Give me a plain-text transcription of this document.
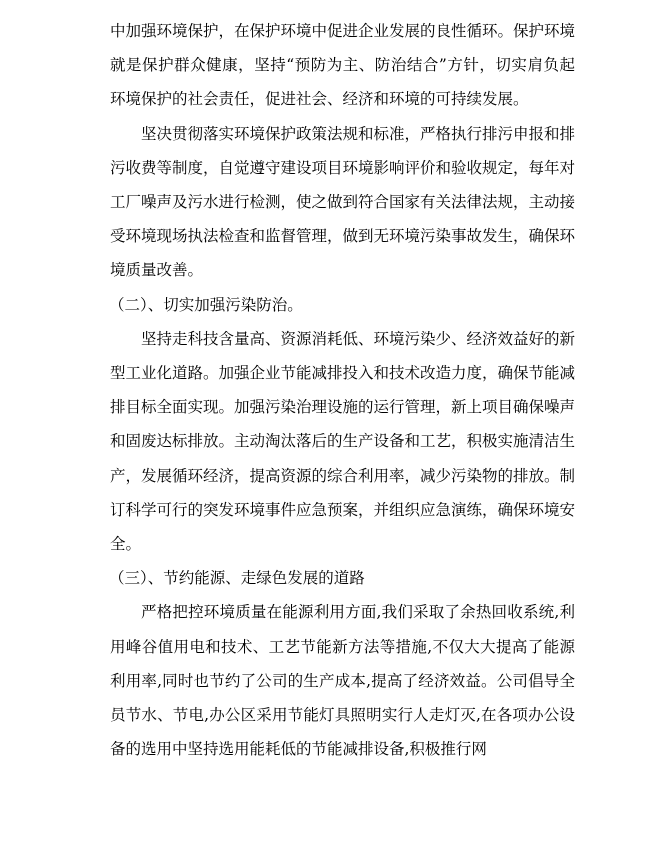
中加强环境保护，在保护环境中促进企业发展的良性循环。保护环境就是保护群众健康，坚持“预防为主、防治结合”方针，切实肩负起环境保护的社会责任，促进社会、经济和环境的可持续发展。

坚决贯彻落实环境保护政策法规和标准，严格执行排污申报和排污收费等制度，自觉遵守建设项目环境影响评价和验收规定，每年对工厂噪声及污水进行检测，使之做到符合国家有关法律法规，主动接受环境现场执法检查和监督管理，做到无环境污染事故发生，确保环境质量改善。

（二）、切实加强污染防治。

坚持走科技含量高、资源消耗低、环境污染少、经济效益好的新型工业化道路。加强企业节能减排投入和技术改造力度，确保节能减排目标全面实现。加强污染治理设施的运行管理，新上项目确保噪声和固废达标排放。主动淘汰落后的生产设备和工艺，积极实施清洁生产，发展循环经济，提高资源的综合利用率，减少污染物的排放。制订科学可行的突发环境事件应急预案，并组织应急演练，确保环境安全。

（三）、节约能源、走绿色发展的道路

严格把控环境质量在能源利用方面,我们采取了余热回收系统,利用峰谷值用电和技术、工艺节能新方法等措施,不仅大大提高了能源利用率,同时也节约了公司的生产成本,提高了经济效益。公司倡导全员节水、节电,办公区采用节能灯具照明实行人走灯灭,在各项办公设备的选用中坚持选用能耗低的节能减排设备,积极推行网
